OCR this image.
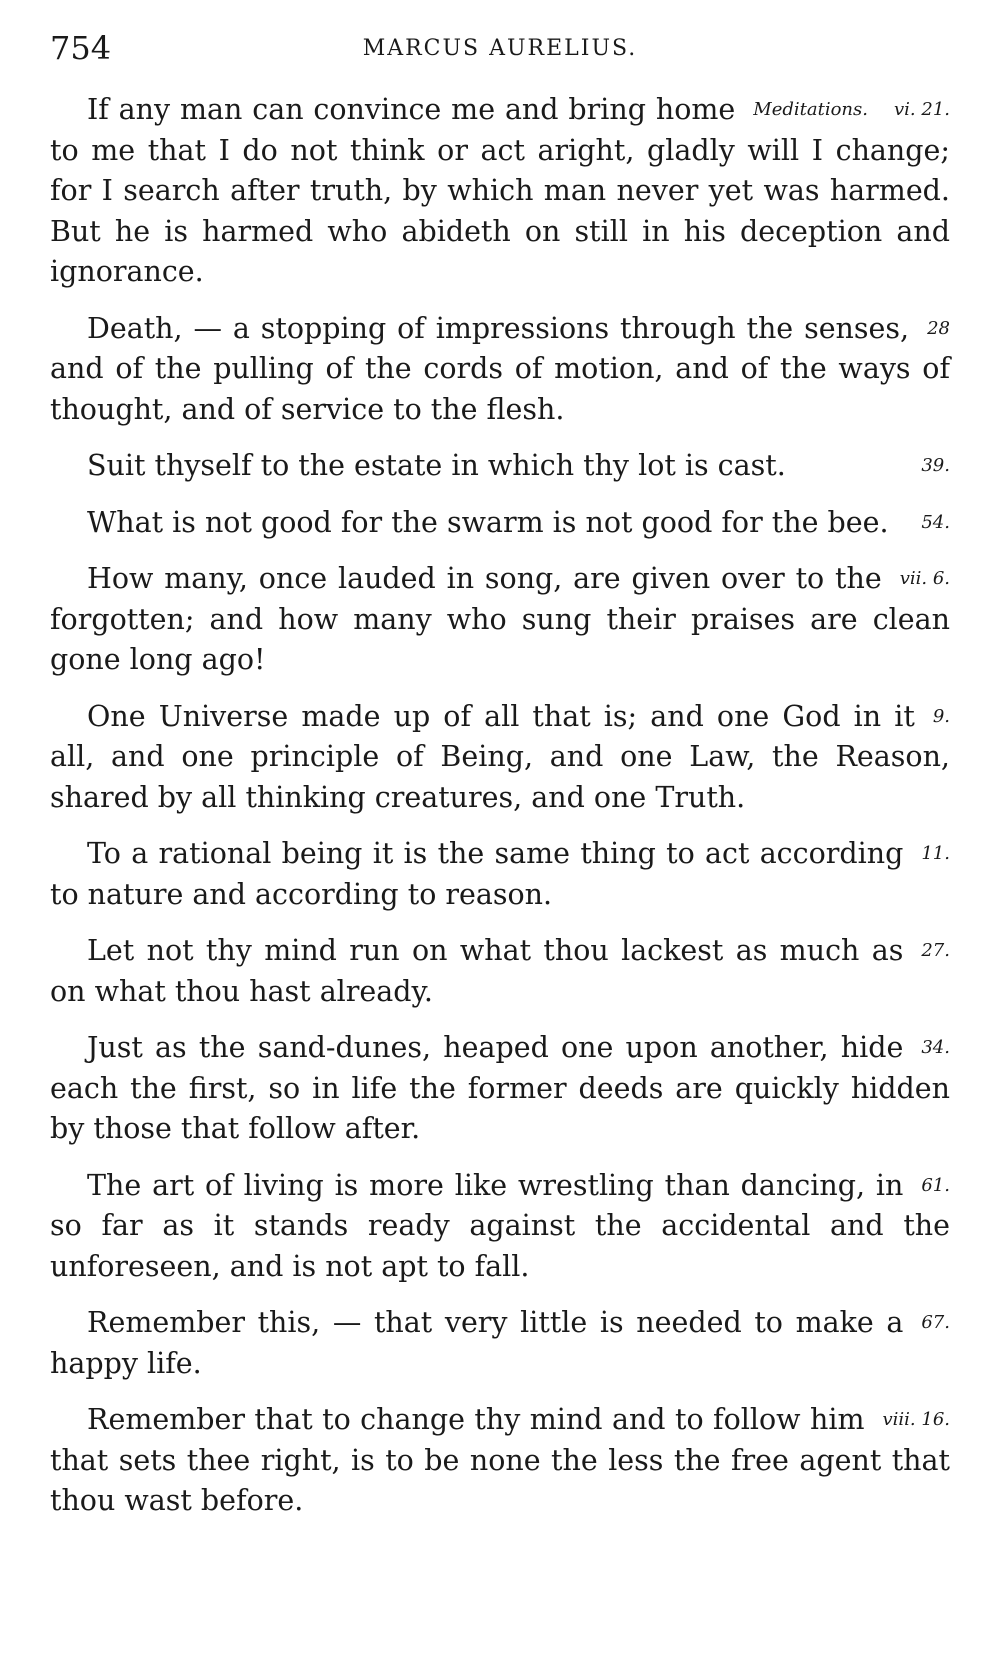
754	MARCUS AURELIUS.

Meditations. vi. 21.
If any man can convince me and bring home to me that I do not think or act aright, gladly will I change; for I search after truth, by which man never yet was harmed. But he is harmed who abideth on still in his deception and ignorance.

28
Death, — a stopping of impressions through the senses, and of the pulling of the cords of motion, and of the ways of thought, and of service to the flesh.

39.
Suit thyself to the estate in which thy lot is cast.

54.
What is not good for the swarm is not good for the bee.

vii. 6.
How many, once lauded in song, are given over to the forgotten; and how many who sung their praises are clean gone long ago!

9.
One Universe made up of all that is; and one God in it all, and one principle of Being, and one Law, the Reason, shared by all thinking creatures, and one Truth.

11.
To a rational being it is the same thing to act according to nature and according to reason.

27.
Let not thy mind run on what thou lackest as much as on what thou hast already.

34.
Just as the sand-dunes, heaped one upon another, hide each the first, so in life the former deeds are quickly hidden by those that follow after.

61.
The art of living is more like wrestling than dancing, in so far as it stands ready against the accidental and the unforeseen, and is not apt to fall.

67.
Remember this, — that very little is needed to make a happy life.

viii. 16.
Remember that to change thy mind and to follow him that sets thee right, is to be none the less the free agent that thou wast before.
